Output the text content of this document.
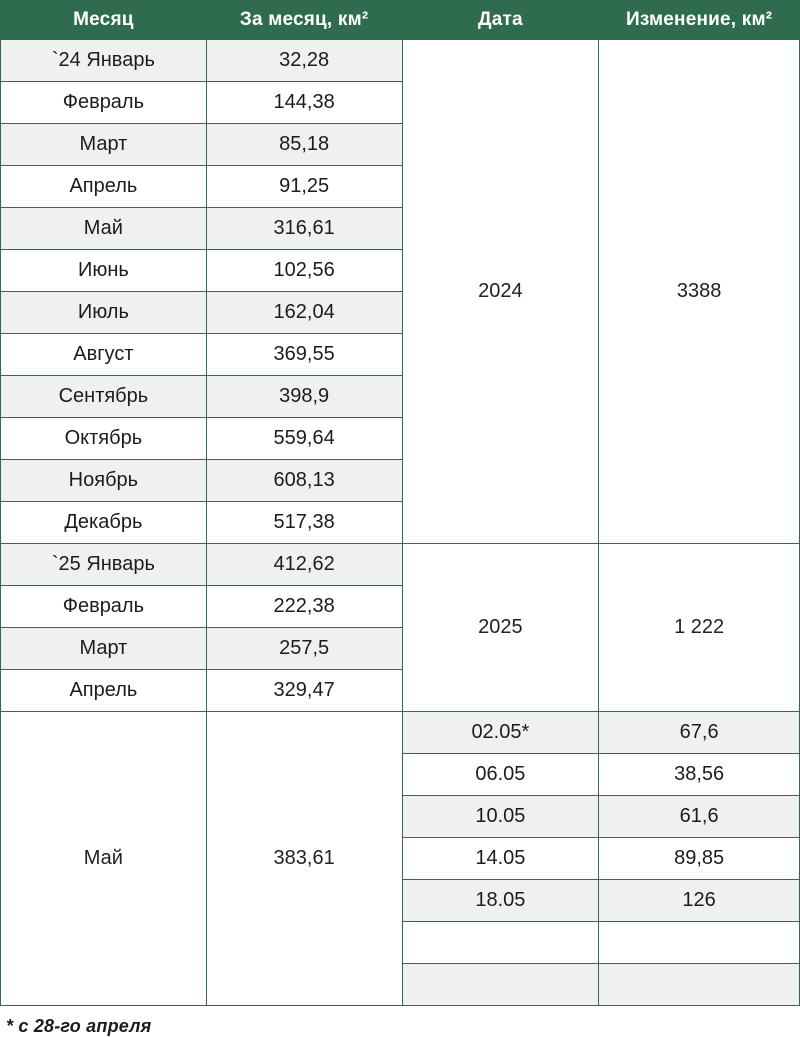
Месяц	За месяц, км²	Дата	Изменение, км²
`24 Январь	32,28	2024	3388
Февраль	144,38		
Март	85,18		
Апрель	91,25		
Май	316,61		
Июнь	102,56		
Июль	162,04		
Август	369,55		
Сентябрь	398,9		
Октябрь	559,64		
Ноябрь	608,13		
Декабрь	517,38		
`25 Январь	412,62	2025	1 222
Февраль	222,38		
Март	257,5		
Апрель	329,47		
Май	383,61	02.05*	67,6
		06.05	38,56
		10.05	61,6
		14.05	89,85
		18.05	126

* с 28-го апреля
